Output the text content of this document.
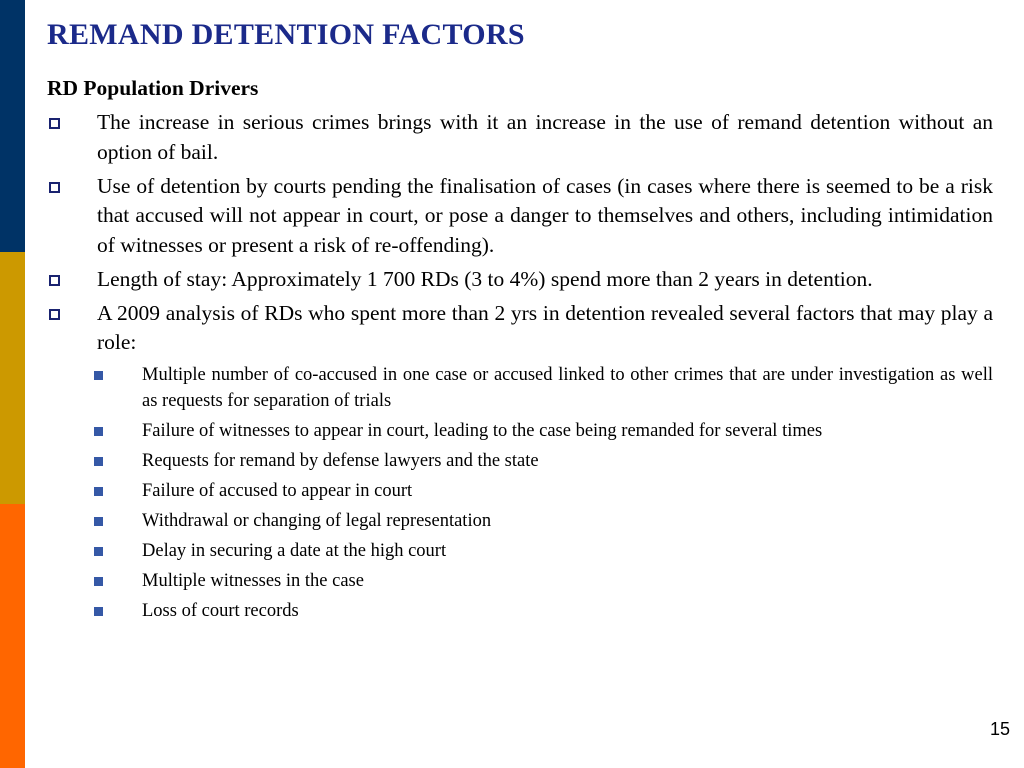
REMAND DETENTION FACTORS
RD Population Drivers
The increase in serious crimes brings with it an increase in the use of remand detention without an option of bail.
Use of detention by courts pending the finalisation of cases (in cases where there is seemed to be a risk that accused will not appear in court, or pose a danger to themselves and others, including intimidation of witnesses or present a risk of re-offending).
Length of stay: Approximately 1 700 RDs (3 to 4%) spend more than 2 years in detention.
A 2009 analysis of RDs who spent more than 2 yrs in detention revealed several factors that may play a role:
Multiple number of co-accused in one case or accused linked to other crimes that are under investigation as well as requests for separation of trials
Failure of witnesses to appear in court, leading to the case being remanded for several times
Requests for remand by defense lawyers and the state
Failure of accused to appear in court
Withdrawal or changing of legal representation
Delay in securing a date at the high court
Multiple witnesses in the case
Loss of court records
15
